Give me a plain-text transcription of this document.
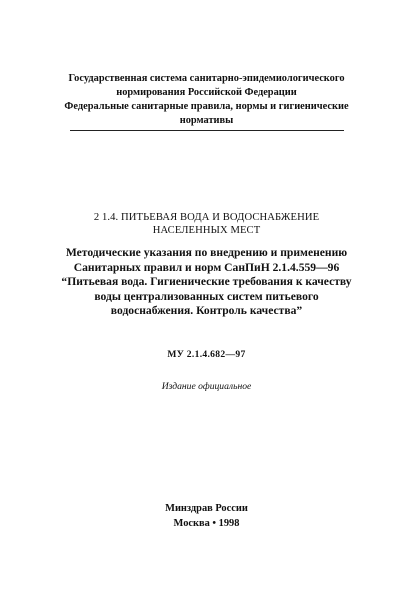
Государственная система санитарно-эпидемиологического
нормирования Российской Федерации
Федеральные санитарные правила, нормы и гигиенические
нормативы
2 1.4. ПИТЬЕВАЯ ВОДА И ВОДОСНАБЖЕНИЕ
НАСЕЛЕННЫХ МЕСТ
Методические указания по внедрению и применению
Санитарных правил и норм СанПиН 2.1.4.559—96
“Питьевая вода. Гигиенические требования к качеству
воды централизованных систем питьевого
водоснабжения. Контроль качества”
МУ 2.1.4.682—97
Издание официальное
Минздрав России
Москва • 1998
